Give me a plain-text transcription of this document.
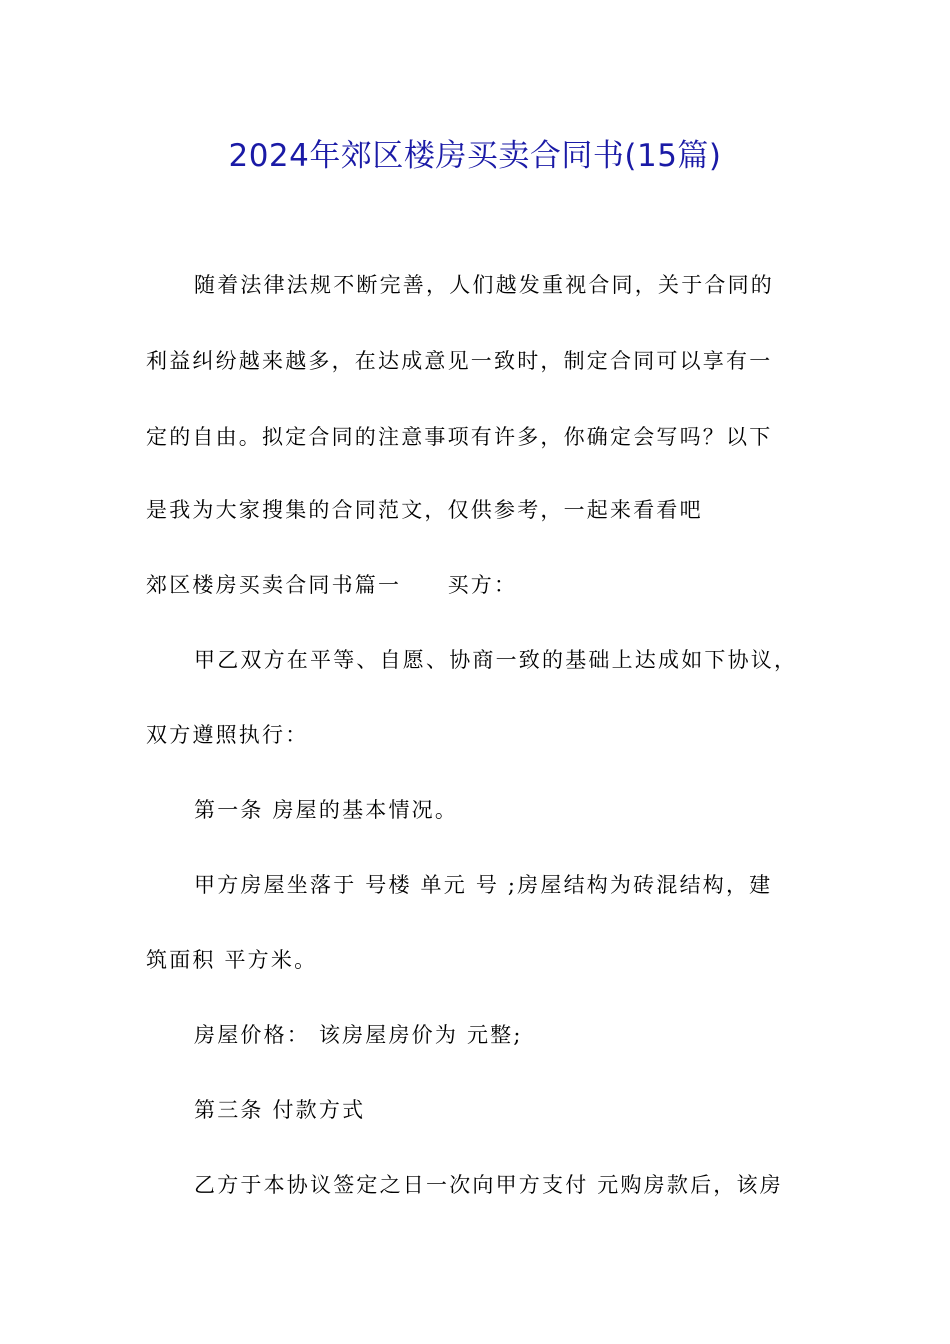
2024年郊区楼房买卖合同书(15篇)
随着法律法规不断完善，人们越发重视合同，关于合同的
利益纠纷越来越多，在达成意见一致时，制定合同可以享有一
定的自由。拟定合同的注意事项有许多，你确定会写吗？以下
是我为大家搜集的合同范文，仅供参考，一起来看看吧
郊区楼房买卖合同书篇一　　买方：
甲乙双方在平等、自愿、协商一致的基础上达成如下协议，
双方遵照执行：
第一条 房屋的基本情况。
甲方房屋坐落于 号楼 单元 号 ;房屋结构为砖混结构，建
筑面积 平方米。
房屋价格： 该房屋房价为 元整;
第三条 付款方式
乙方于本协议签定之日一次向甲方支付 元购房款后，该房
